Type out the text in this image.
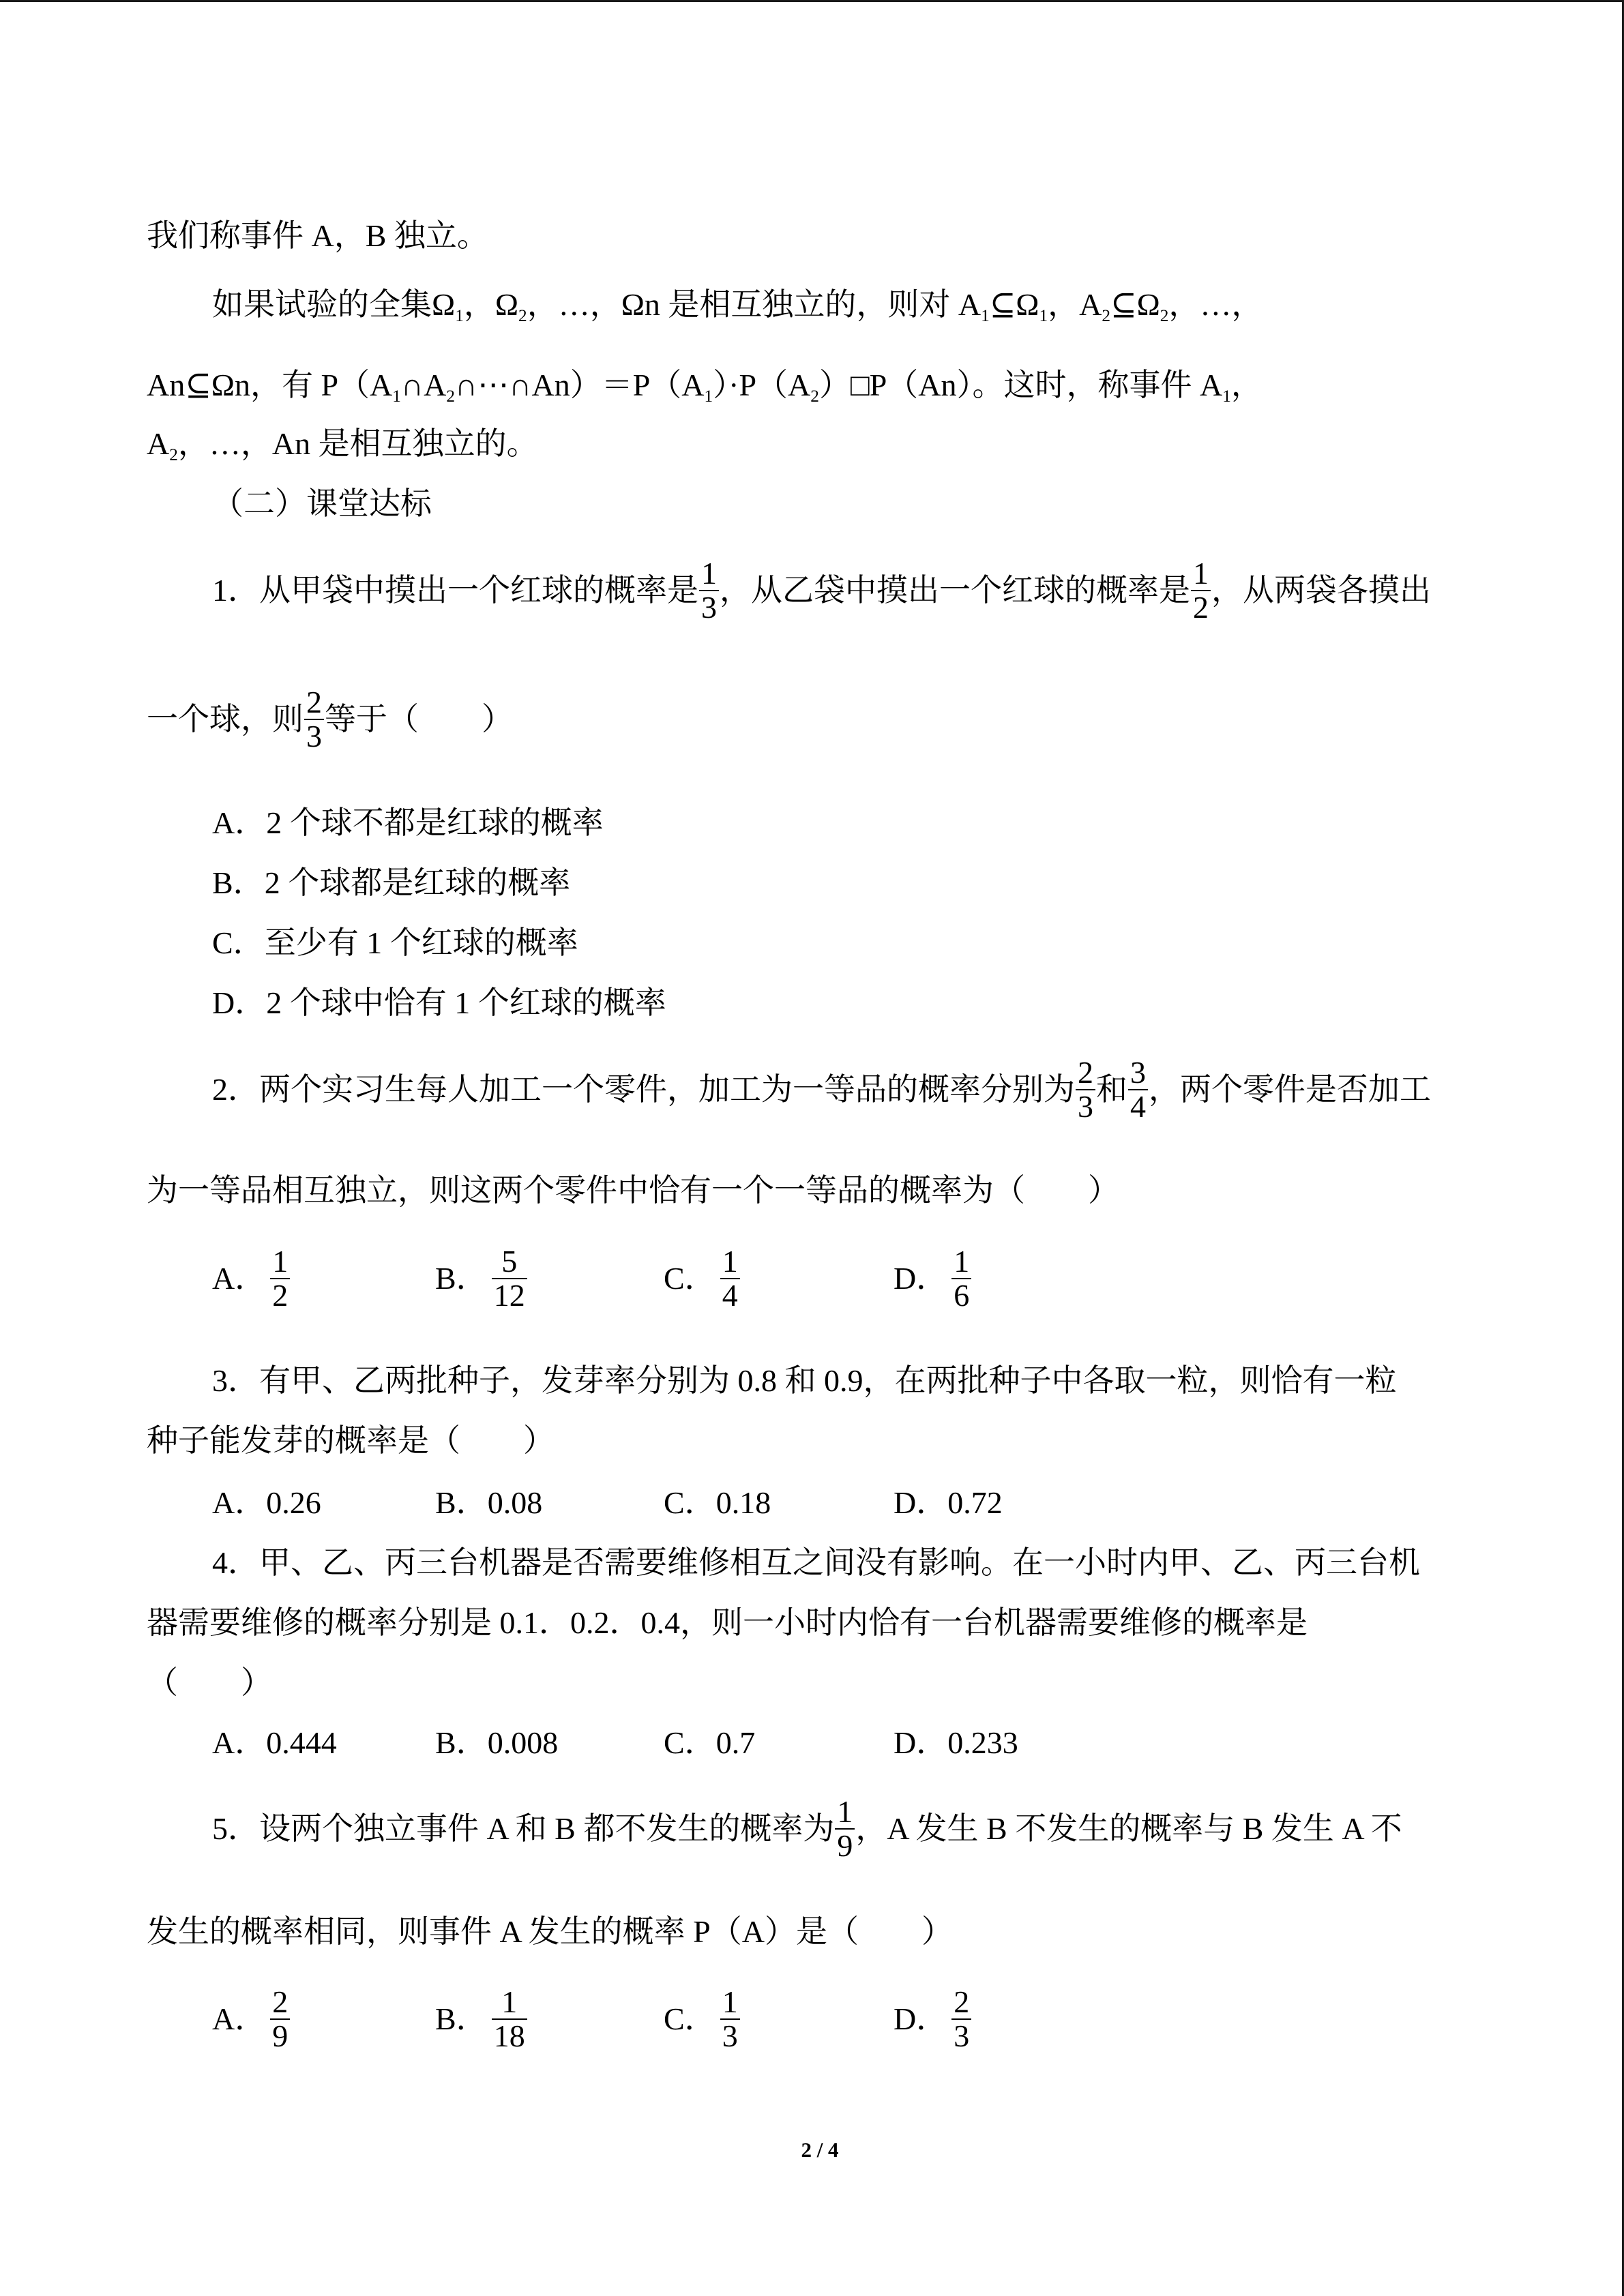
我们称事件 A，B 独立。
如果试验的全集$\Omega_1$，$\Omega_2$，…，Ωn 是相互独立的，则对 $A_1⊆\Omega_1$，$A_2⊆\Omega_2$，…，
An⊆Ωn，有 $P(A_1\cap A_2\cap\cdots\cap An)=P(A_1)\cdot P(A_2)□P(An)$。这时，称事件 $A_1$，
$A_2$，…，An 是相互独立的。
（二）课堂达标
1． 从甲袋中摸出一个红球的概率是 $\frac{1}{3}$ ，从乙袋中摸出一个红球的概率是 $\frac{1}{2}$ ，从两袋各摸出
一个球，则 $\frac{2}{3}$ 等于（　　）
A． 2 个球不都是红球的概率
B． 2 个球都是红球的概率
C． 至少有 1 个红球的概率
D． 2 个球中恰有 1 个红球的概率
2． 两个实习生每人加工一个零件，加工为一等品的概率分别为 $\frac{2}{3}$ 和 $\frac{3}{4}$ ，两个零件是否加工
为一等品相互独立，则这两个零件中恰有一个一等品的概率为（　　）
A． $\frac{1}{2}$	B． $\frac{5}{12}$	C． $\frac{1}{4}$	D． $\frac{1}{6}$
3． 有甲、乙两批种子，发芽率分别为 0.8 和 0.9，在两批种子中各取一粒，则恰有一粒
种子能发芽的概率是（　　）
A． 0.26	B． 0.08	C． 0.18	D． 0.72
4． 甲、乙、丙三台机器是否需要维修相互之间没有影响。在一小时内甲、乙、丙三台机
器需要维修的概率分别是 0.1．0.2．0.4，则一小时内恰有一台机器需要维修的概率是
（　　）
A． 0.444	B． 0.008	C． 0.7	D． 0.233
5． 设两个独立事件 A 和 B 都不发生的概率为 $\frac{1}{9}$ ，A 发生 B 不发生的概率与 B 发生 A 不
发生的概率相同，则事件 A 发生的概率 P（A）是（　　）
A． $\frac{2}{9}$	B． $\frac{1}{18}$	C． $\frac{1}{3}$	D． $\frac{2}{3}$
2 / 4
